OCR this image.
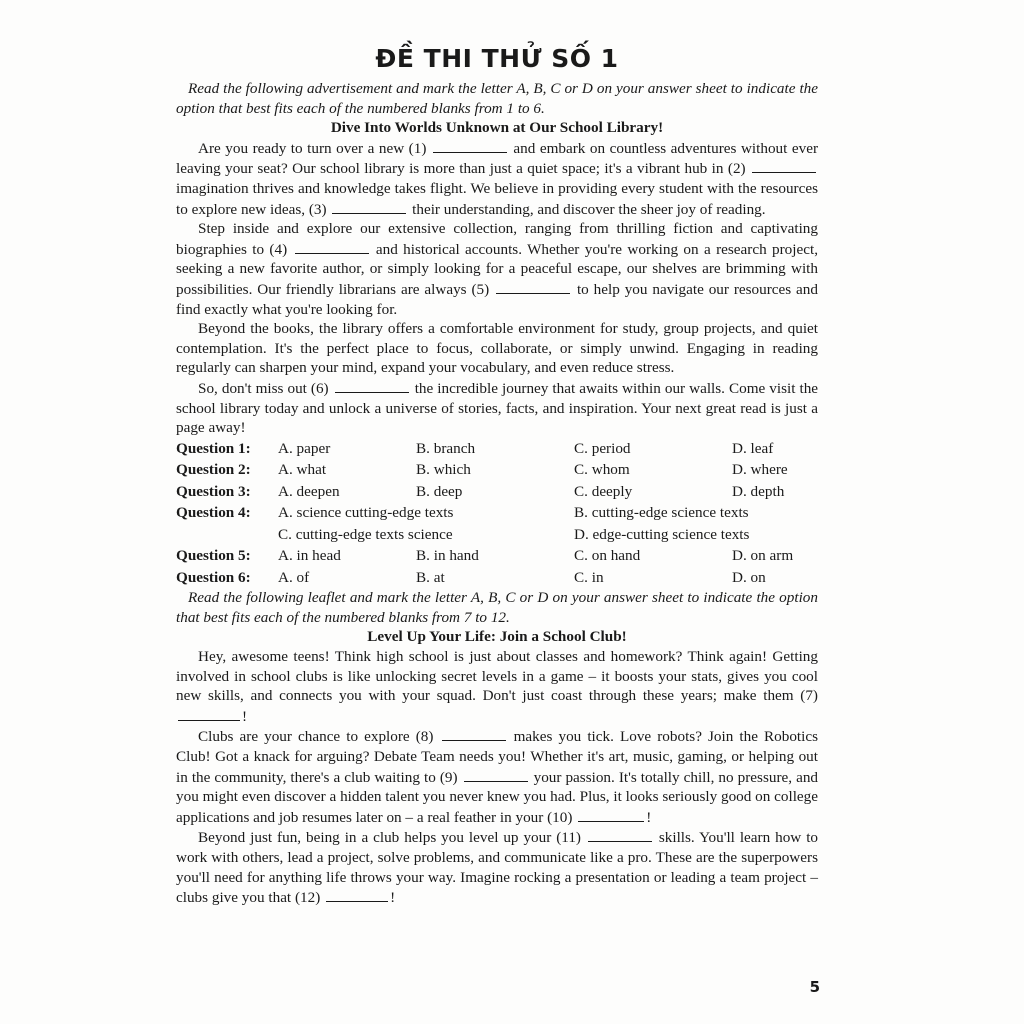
ĐỀ THI THỬ SỐ 1

Read the following advertisement and mark the letter A, B, C or D on your answer sheet to indicate the option that best fits each of the numbered blanks from 1 to 6.

Dive Into Worlds Unknown at Our School Library!

Are you ready to turn over a new (1)	and embark on countless adventures without ever leaving your seat? Our school library is more than just a quiet space; it's a vibrant hub in (2)  imagination thrives and knowledge takes flight. We believe in providing every student with the resources to explore new ideas, (3)	their understanding, and discover the sheer joy of reading.

Step inside and explore our extensive collection, ranging from thrilling fiction and captivating biographies to (4)	and historical accounts. Whether you're working on a research project, seeking a new favorite author, or simply looking for a peaceful escape, our shelves are brimming with possibilities. Our friendly librarians are always (5)	to help you navigate our resources and find exactly what you're looking for.

Beyond the books, the library offers a comfortable environment for study, group projects, and quiet contemplation. It's the perfect place to focus, collaborate, or simply unwind. Engaging in reading regularly can sharpen your mind, expand your vocabulary, and even reduce stress.

So, don't miss out (6)	the incredible journey that awaits within our walls. Come visit the school library today and unlock a universe of stories, facts, and inspiration. Your next great read is just a page away!

Question 1:	A. paper	B. branch	C. period	D. leaf
Question 2:	A. what	B. which	C. whom	D. where
Question 3:	A. deepen	B. deep	C. deeply	D. depth
Question 4:	A. science cutting-edge texts	B. cutting-edge science texts
C. cutting-edge texts science	D. edge-cutting science texts
Question 5:	A. in head	B. in hand	C. on hand	D. on arm
Question 6:	A. of	B. at	C. in	D. on

Read the following leaflet and mark the letter A, B, C or D on your answer sheet to indicate the option that best fits each of the numbered blanks from 7 to 12.

Level Up Your Life: Join a School Club!

Hey, awesome teens! Think high school is just about classes and homework? Think again! Getting involved in school clubs is like unlocking secret levels in a game – it boosts your stats, gives you cool new skills, and connects you with your squad. Don't just coast through these years; make them (7) !

Clubs are your chance to explore (8)	makes you tick. Love robots? Join the Robotics Club! Got a knack for arguing? Debate Team needs you! Whether it's art, music, gaming, or helping out in the community, there's a club waiting to (9)	your passion. It's totally chill, no pressure, and you might even discover a hidden talent you never knew you had. Plus, it looks seriously good on college applications and job resumes later on – a real feather in your (10)	!

Beyond just fun, being in a club helps you level up your (11)	skills. You'll learn how to work with others, lead a project, solve problems, and communicate like a pro. These are the superpowers you'll need for anything life throws your way. Imagine rocking a presentation or leading a team project – clubs give you that (12)	!

5
